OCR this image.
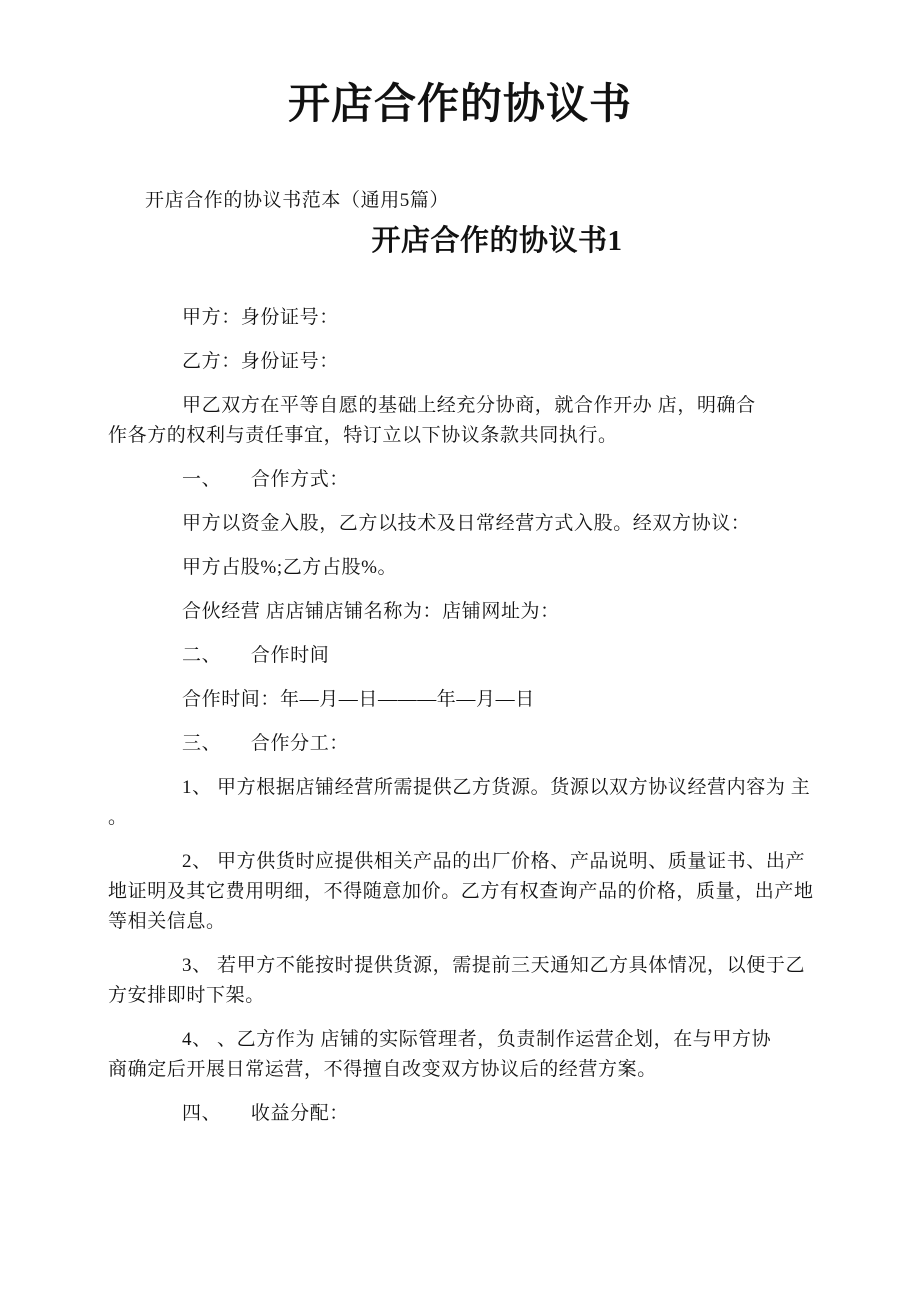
开店合作的协议书

开店合作的协议书范本（通用5篇）

开店合作的协议书1

甲方：身份证号：

乙方：身份证号：

甲乙双方在平等自愿的基础上经充分协商，就合作开办 店，明确合
作各方的权利与责任事宜，特订立以下协议条款共同执行。

一、　　合作方式：

甲方以资金入股，乙方以技术及日常经营方式入股。经双方协议：

甲方占股%;乙方占股%。

合伙经营 店店铺店铺名称为：店铺网址为：

二、　　合作时间

合作时间：年—月—日———年—月—日

三、　　合作分工：

1、 甲方根据店铺经营所需提供乙方货源。货源以双方协议经营内容为 主
。

2、 甲方供货时应提供相关产品的出厂价格、产品说明、质量证书、出产
地证明及其它费用明细，不得随意加价。乙方有权查询产品的价格，质量，出产地
等相关信息。

3、 若甲方不能按时提供货源，需提前三天通知乙方具体情况，以便于乙
方安排即时下架。

4、 、乙方作为 店铺的实际管理者，负责制作运营企划，在与甲方协
商确定后开展日常运营，不得擅自改变双方协议后的经营方案。

四、　　收益分配：
